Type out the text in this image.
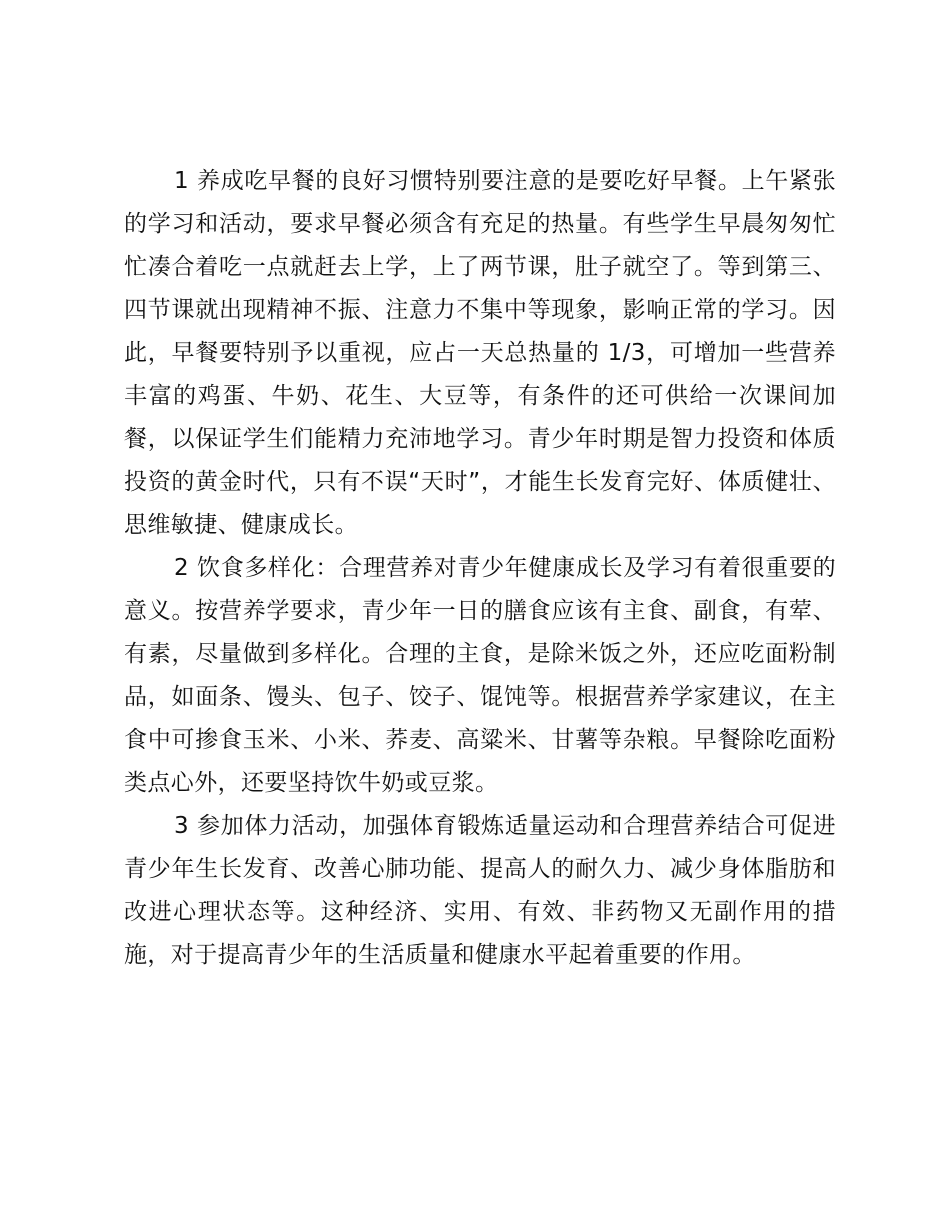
1 养成吃早餐的良好习惯特别要注意的是要吃好早餐。上午紧张的学习和活动，要求早餐必须含有充足的热量。有些学生早晨匆匆忙忙凑合着吃一点就赶去上学，上了两节课，肚子就空了。等到第三、四节课就出现精神不振、注意力不集中等现象，影响正常的学习。因此，早餐要特别予以重视，应占一天总热量的 1/3，可增加一些营养丰富的鸡蛋、牛奶、花生、大豆等，有条件的还可供给一次课间加餐，以保证学生们能精力充沛地学习。青少年时期是智力投资和体质投资的黄金时代，只有不误“天时”，才能生长发育完好、体质健壮、思维敏捷、健康成长。

2 饮食多样化：合理营养对青少年健康成长及学习有着很重要的意义。按营养学要求，青少年一日的膳食应该有主食、副食，有荤、有素，尽量做到多样化。合理的主食，是除米饭之外，还应吃面粉制品，如面条、馒头、包子、饺子、馄饨等。根据营养学家建议，在主食中可掺食玉米、小米、荞麦、高粱米、甘薯等杂粮。早餐除吃面粉类点心外，还要坚持饮牛奶或豆浆。

3 参加体力活动，加强体育锻炼适量运动和合理营养结合可促进青少年生长发育、改善心肺功能、提高人的耐久力、减少身体脂肪和改进心理状态等。这种经济、实用、有效、非药物又无副作用的措施，对于提高青少年的生活质量和健康水平起着重要的作用。
